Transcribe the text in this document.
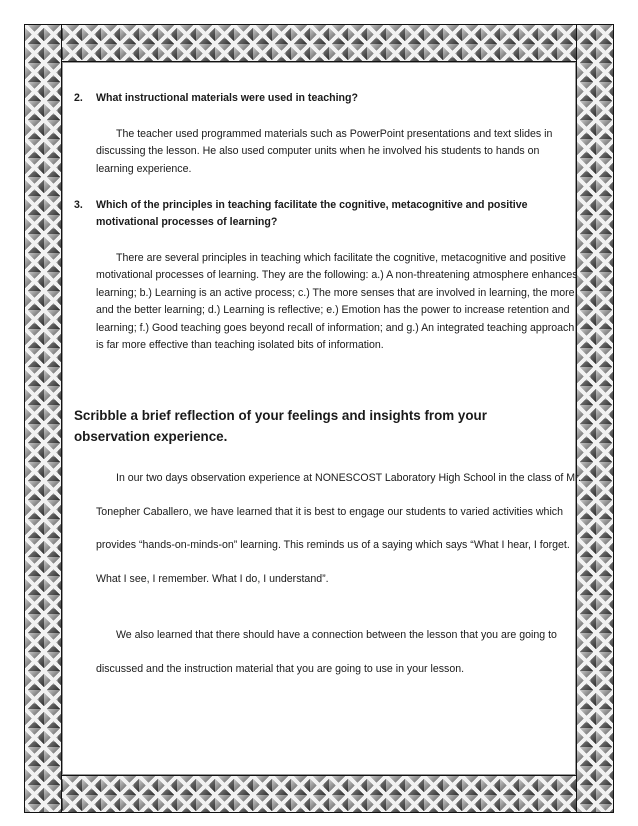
2.	What instructional materials were used in teaching?

The teacher used programmed materials such as PowerPoint presentations and text slides in discussing the lesson. He also used computer units when he involved his students to hands on learning experience.

3.	Which of the principles in teaching facilitate the cognitive, metacognitive and positive motivational processes of learning?

There are several principles in teaching which facilitate the cognitive, metacognitive and positive motivational processes of learning. They are the following: a.) A non-threatening atmosphere enhances learning; b.) Learning is an active process; c.) The more senses that are involved in learning, the more and the better learning; d.) Learning is reflective; e.) Emotion has the power to increase retention and learning; f.) Good teaching goes beyond recall of information; and g.) An integrated teaching approach is far more effective than teaching isolated bits of information.

Scribble a brief reflection of your feelings and insights from your observation experience.

In our two days observation experience at NONESCOST Laboratory High School in the class of Mr. Tonepher Caballero, we have learned that it is best to engage our students to varied activities which provides “hands-on-minds-on” learning. This reminds us of a saying which says “What I hear, I forget. What I see, I remember. What I do, I understand”.

We also learned that there should have a connection between the lesson that you are going to discussed and the instruction material that you are going to use in your lesson.
